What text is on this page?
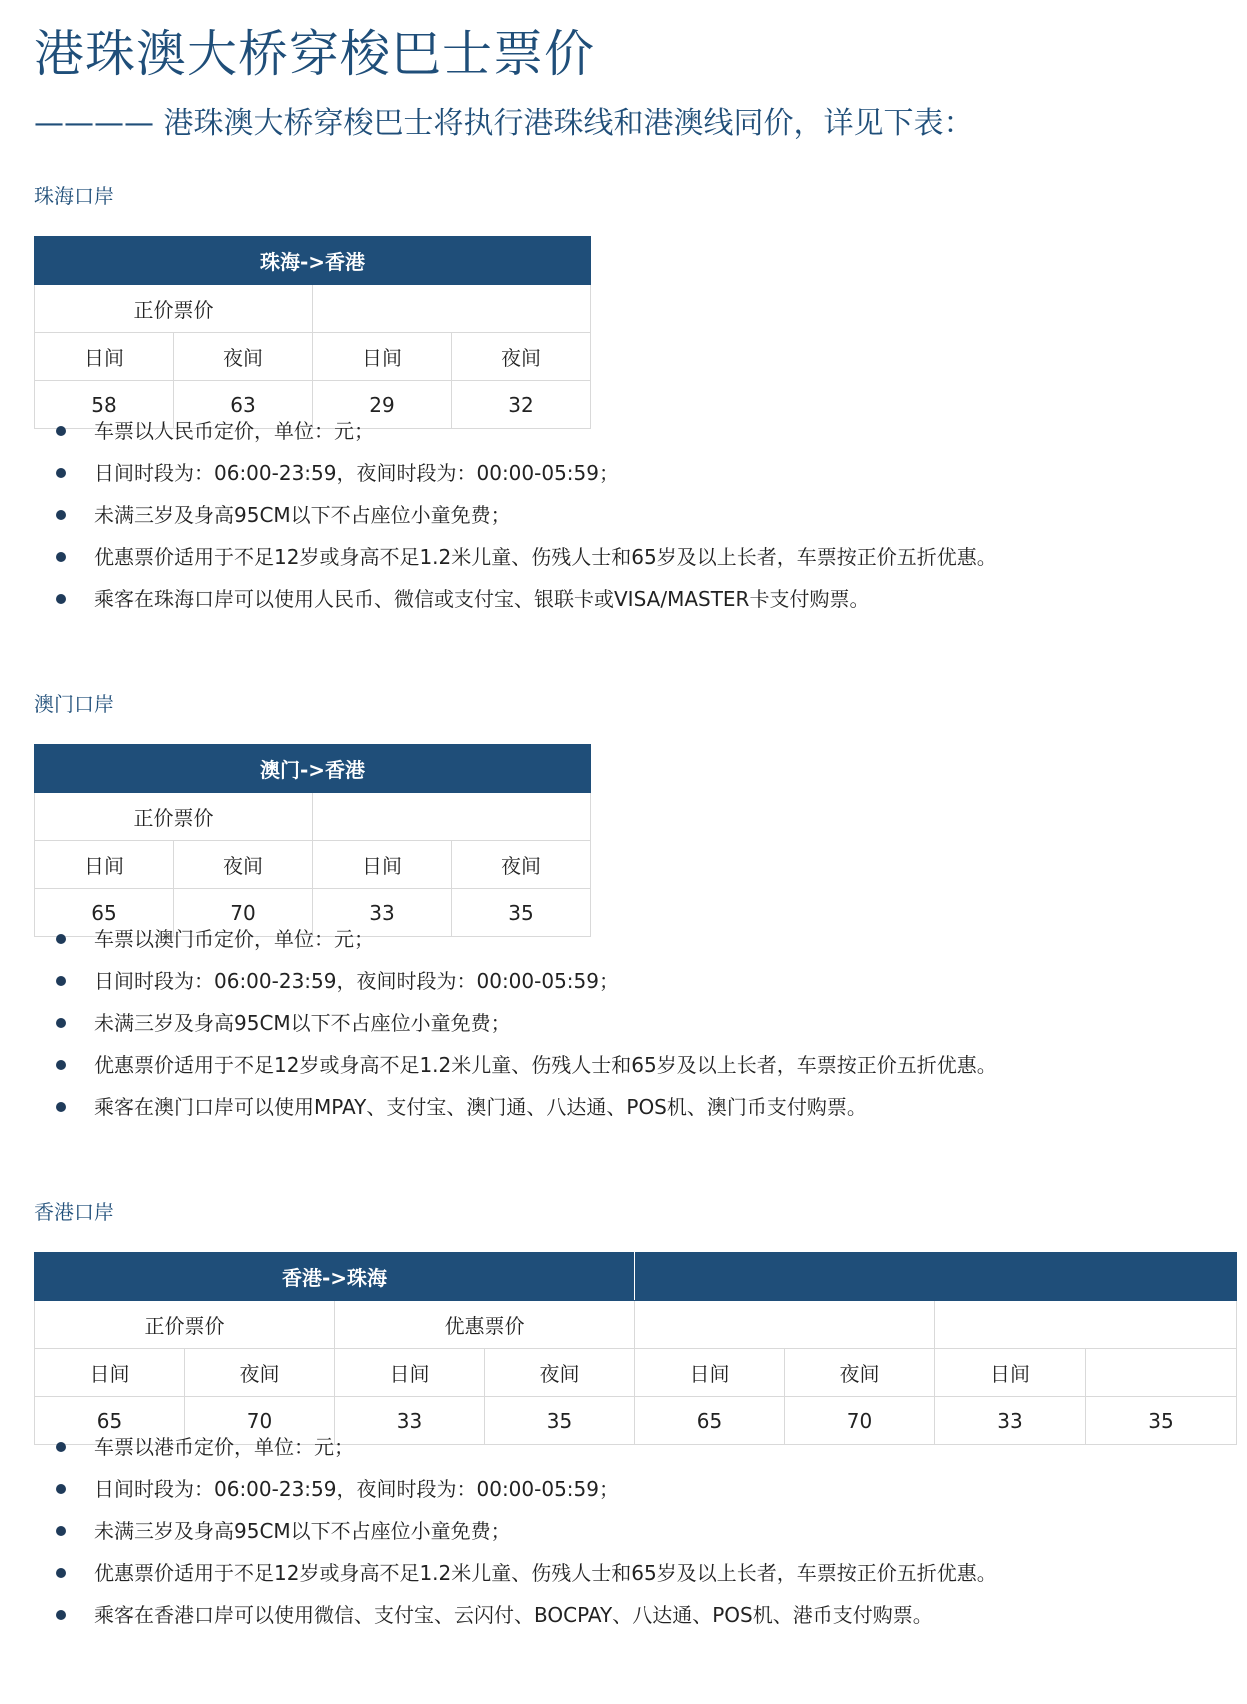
港珠澳大桥穿梭巴士票价
———— 港珠澳大桥穿梭巴士将执行港珠线和港澳线同价，详见下表：
珠海口岸
珠海->香港			
正价票价			
日间	夜间	日间	夜间
58	63	29	32
车票以人民币定价，单位：元；
日间时段为：06:00-23:59，夜间时段为：00:00-05:59；
未满三岁及身高95CM以下不占座位小童免费；
优惠票价适用于不足12岁或身高不足1.2米儿童、伤残人士和65岁及以上长者，车票按正价五折优惠。
乘客在珠海口岸可以使用人民币、微信或支付宝、银联卡或VISA/MASTER卡支付购票。
澳门口岸
澳门->香港			
正价票价			
日间	夜间	日间	夜间
65	70	33	35
车票以澳门币定价，单位：元；
日间时段为：06:00-23:59，夜间时段为：00:00-05:59；
未满三岁及身高95CM以下不占座位小童免费；
优惠票价适用于不足12岁或身高不足1.2米儿童、伤残人士和65岁及以上长者，车票按正价五折优惠。
乘客在澳门口岸可以使用MPAY、支付宝、澳门通、八达通、POS机、澳门币支付购票。
香港口岸
香港->珠海							
正价票价		优惠票价					
日间	夜间	日间	夜间	日间	夜间	日间	
65	70	33	35	65	70	33	35
车票以港币定价，单位：元；
日间时段为：06:00-23:59，夜间时段为：00:00-05:59；
未满三岁及身高95CM以下不占座位小童免费；
优惠票价适用于不足12岁或身高不足1.2米儿童、伤残人士和65岁及以上长者，车票按正价五折优惠。
乘客在香港口岸可以使用微信、支付宝、云闪付、BOCPAY、八达通、POS机、港币支付购票。
